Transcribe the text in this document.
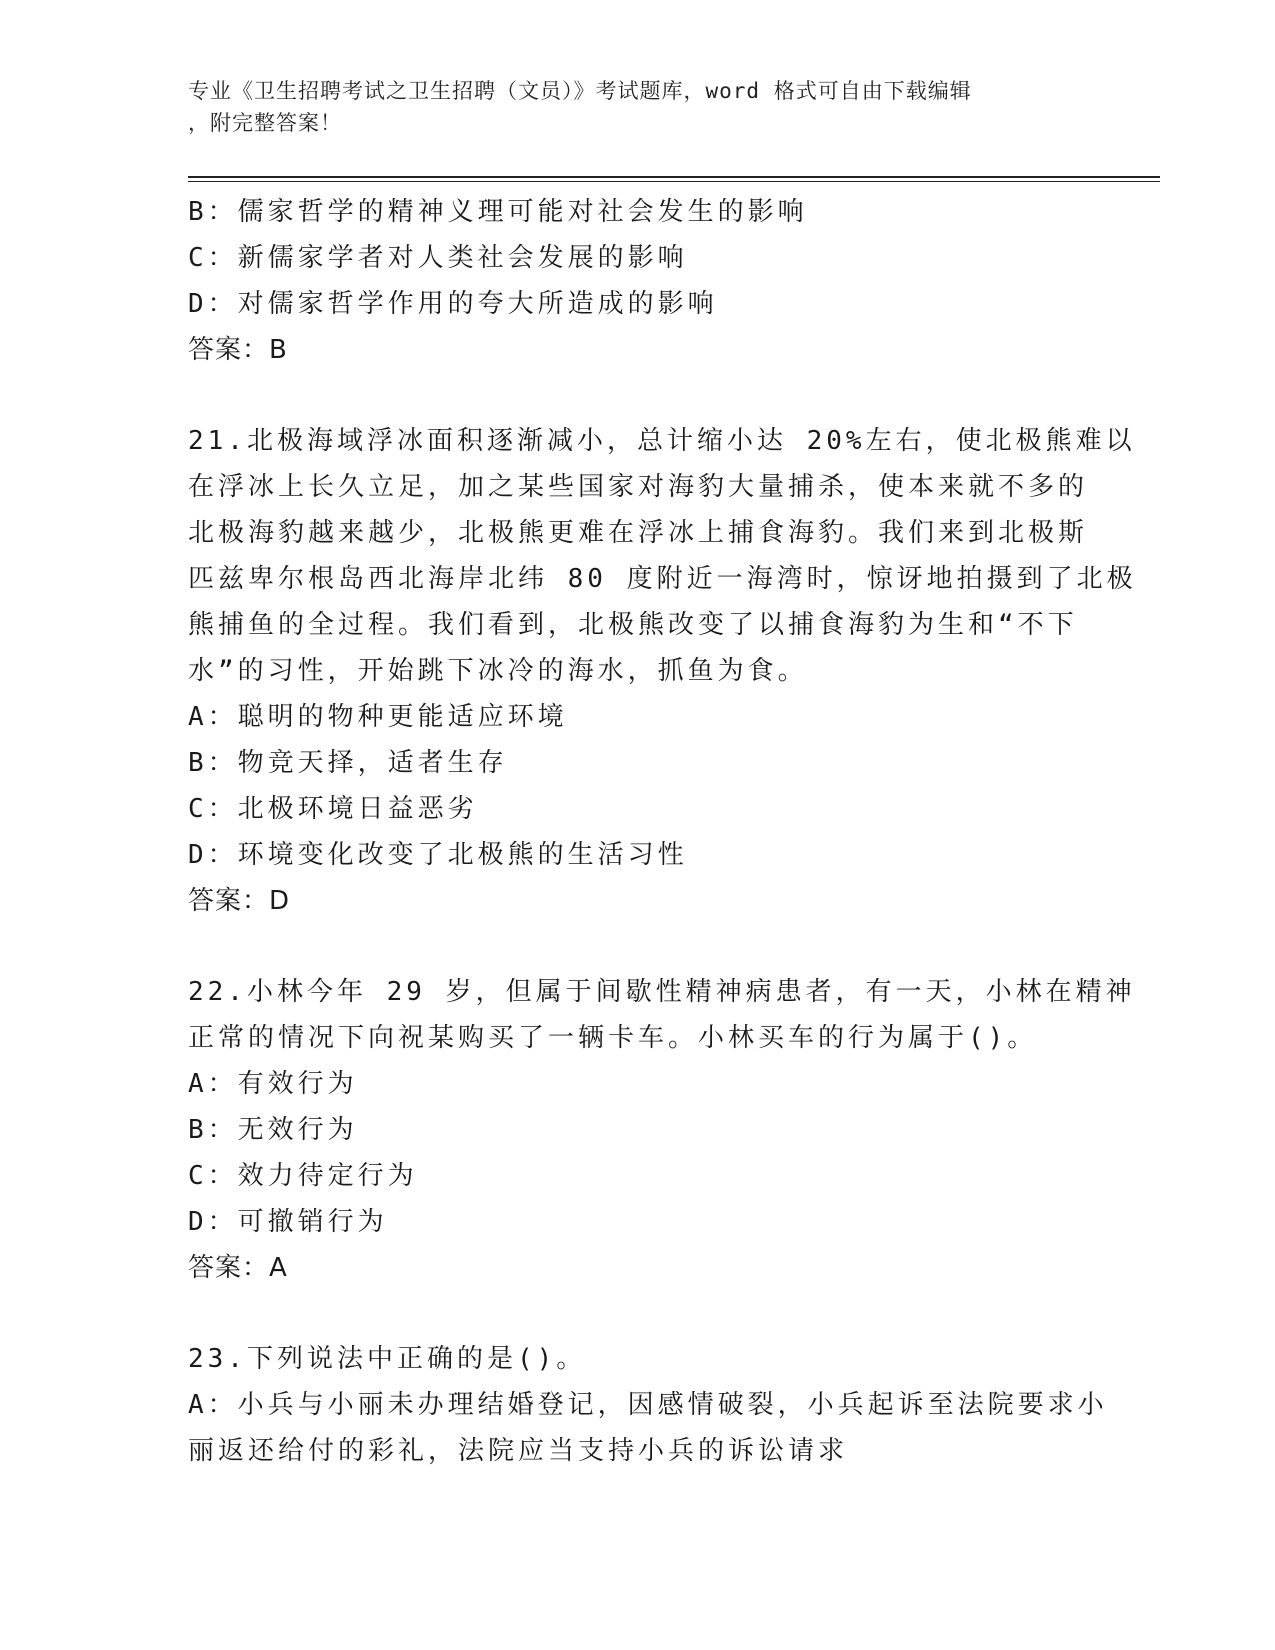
专业《卫生招聘考试之卫生招聘（文员）》考试题库，word 格式可自由下载编辑
，附完整答案！
B：儒家哲学的精神义理可能对社会发生的影响
C：新儒家学者对人类社会发展的影响
D：对儒家哲学作用的夸大所造成的影响
答案：B
21.北极海域浮冰面积逐渐减小，总计缩小达 20%左右，使北极熊难以
在浮冰上长久立足，加之某些国家对海豹大量捕杀，使本来就不多的
北极海豹越来越少，北极熊更难在浮冰上捕食海豹。我们来到北极斯
匹兹卑尔根岛西北海岸北纬 80 度附近一海湾时，惊讶地拍摄到了北极
熊捕鱼的全过程。我们看到，北极熊改变了以捕食海豹为生和“不下
水”的习性，开始跳下冰冷的海水，抓鱼为食。
A：聪明的物种更能适应环境
B：物竞天择，适者生存
C：北极环境日益恶劣
D：环境变化改变了北极熊的生活习性
答案：D
22.小林今年 29 岁，但属于间歇性精神病患者，有一天，小林在精神
正常的情况下向祝某购买了一辆卡车。小林买车的行为属于()。
A：有效行为
B：无效行为
C：效力待定行为
D：可撤销行为
答案：A
23.下列说法中正确的是()。
A：小兵与小丽未办理结婚登记，因感情破裂，小兵起诉至法院要求小
丽返还给付的彩礼，法院应当支持小兵的诉讼请求
